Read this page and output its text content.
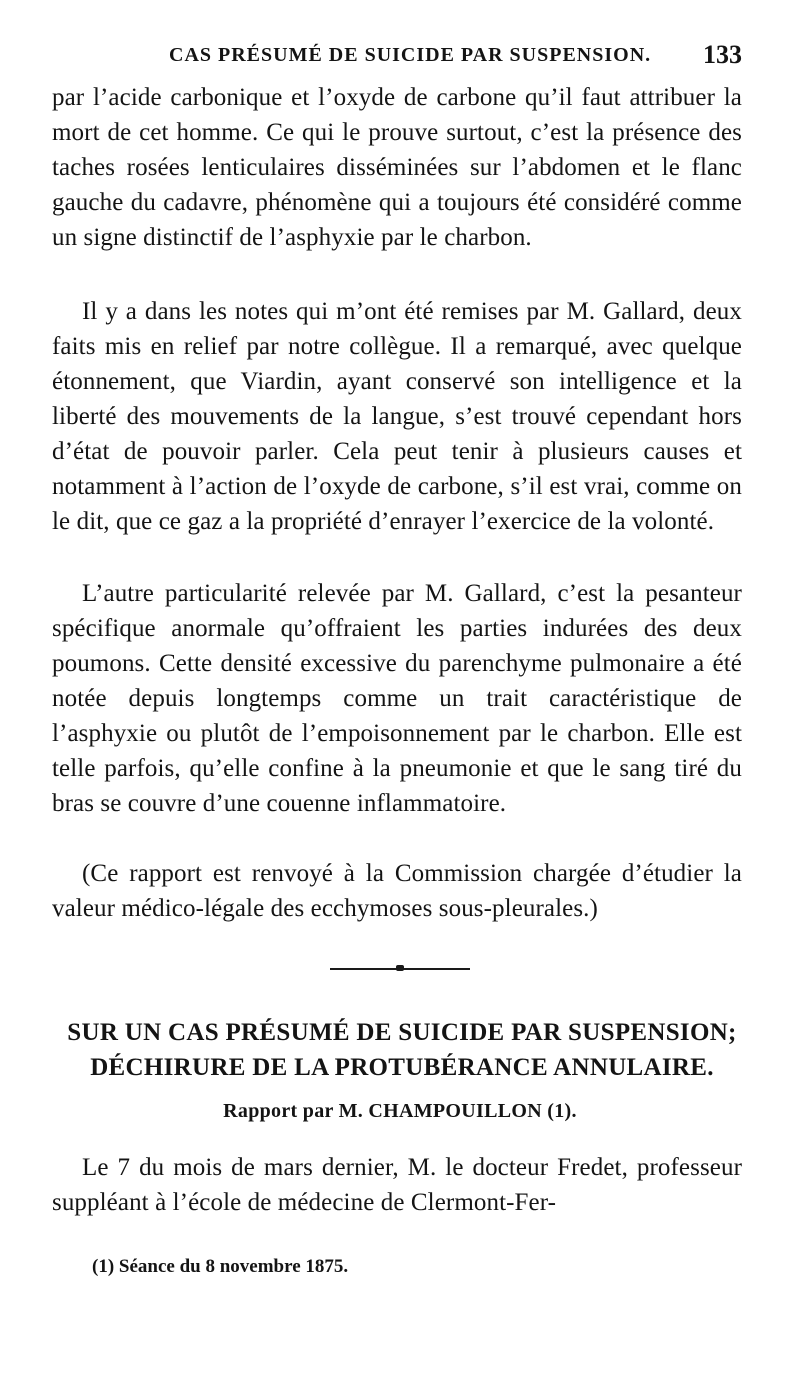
CAS PRÉSUMÉ DE SUICIDE PAR SUSPENSION. 133

par l’acide carbonique et l’oxyde de carbone qu’il faut attribuer la mort de cet homme. Ce qui le prouve surtout, c’est la présence des taches rosées lenticulaires disséminées sur l’abdomen et le flanc gauche du cadavre, phénomène qui a toujours été considéré comme un signe distinctif de l’asphyxie par le charbon.

Il y a dans les notes qui m’ont été remises par M. Gallard, deux faits mis en relief par notre collègue. Il a remarqué, avec quelque étonnement, que Viardin, ayant conservé son intelligence et la liberté des mouvements de la langue, s’est trouvé cependant hors d’état de pouvoir parler. Cela peut tenir à plusieurs causes et notamment à l’action de l’oxyde de carbone, s’il est vrai, comme on le dit, que ce gaz a la propriété d’enrayer l’exercice de la volonté.

L’autre particularité relevée par M. Gallard, c’est la pesanteur spécifique anormale qu’offraient les parties indurées des deux poumons. Cette densité excessive du parenchyme pulmonaire a été notée depuis longtemps comme un trait caractéristique de l’asphyxie ou plutôt de l’empoisonnement par le charbon. Elle est telle parfois, qu’elle confine à la pneumonie et que le sang tiré du bras se couvre d’une couenne inflammatoire.

(Ce rapport est renvoyé à la Commission chargée d’étudier la valeur médico-légale des ecchymoses sous-pleurales.)

SUR UN CAS PRÉSUMÉ DE SUICIDE PAR SUSPENSION;
DÉCHIRURE DE LA PROTUBÉRANCE ANNULAIRE.
Rapport par M. CHAMPOUILLON (1).

Le 7 du mois de mars dernier, M. le docteur Fredet, professeur suppléant à l’école de médecine de Clermont-Fer-

(1) Séance du 8 novembre 1875.
